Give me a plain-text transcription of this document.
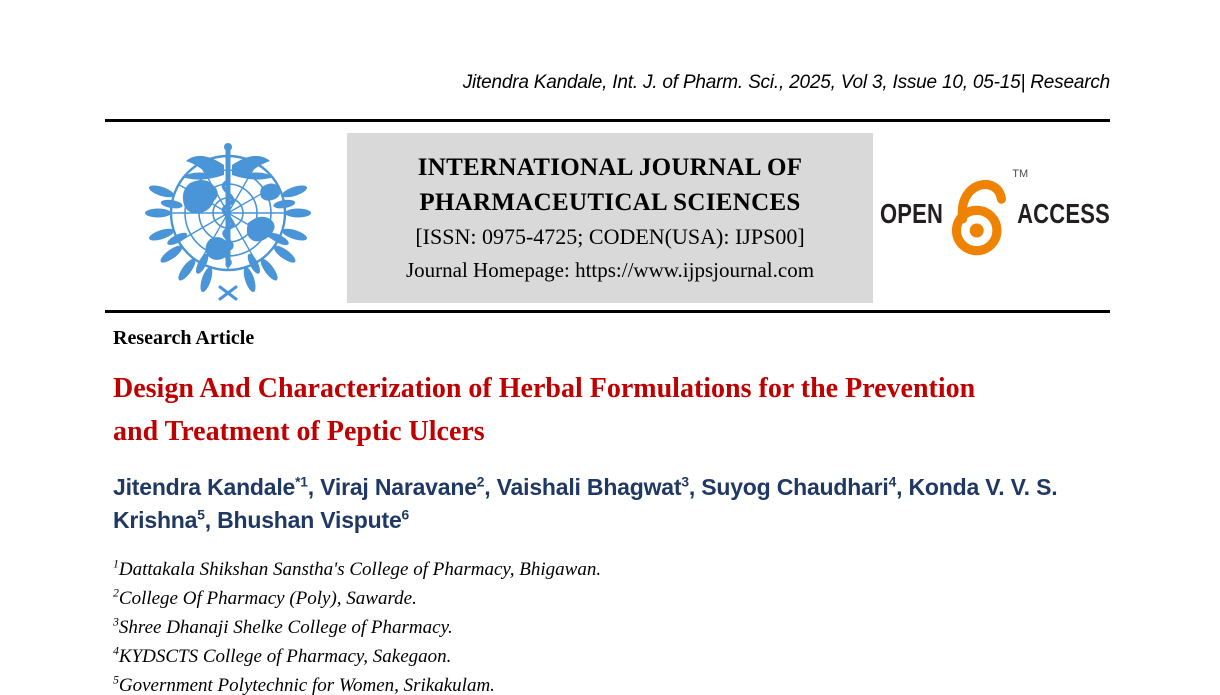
Jitendra Kandale, Int. J. of Pharm. Sci., 2025, Vol 3, Issue 10, 05-15| Research
INTERNATIONAL JOURNAL OF
PHARMACEUTICAL SCIENCES
[ISSN: 0975-4725; CODEN(USA): IJPS00]
Journal Homepage: https://www.ijpsjournal.com
OPEN
TM
ACCESS
Research Article
Design And Characterization of Herbal Formulations for the Prevention
and Treatment of Peptic Ulcers
Jitendra Kandale$^{*1}$, Viraj Naravane$^2$, Vaishali Bhagwat$^3$, Suyog Chaudhari$^4$, Konda V. V. S. Krishna$^5$, Bhushan Vispute$^6$
$^1$Dattakala Shikshan Sanstha's College of Pharmacy, Bhigawan.
$^2$College Of Pharmacy (Poly), Sawarde.
$^3$Shree Dhanaji Shelke College of Pharmacy.
$^4$KYDSCTS College of Pharmacy, Sakegaon.
$^5$Government Polytechnic for Women, Srikakulam.
